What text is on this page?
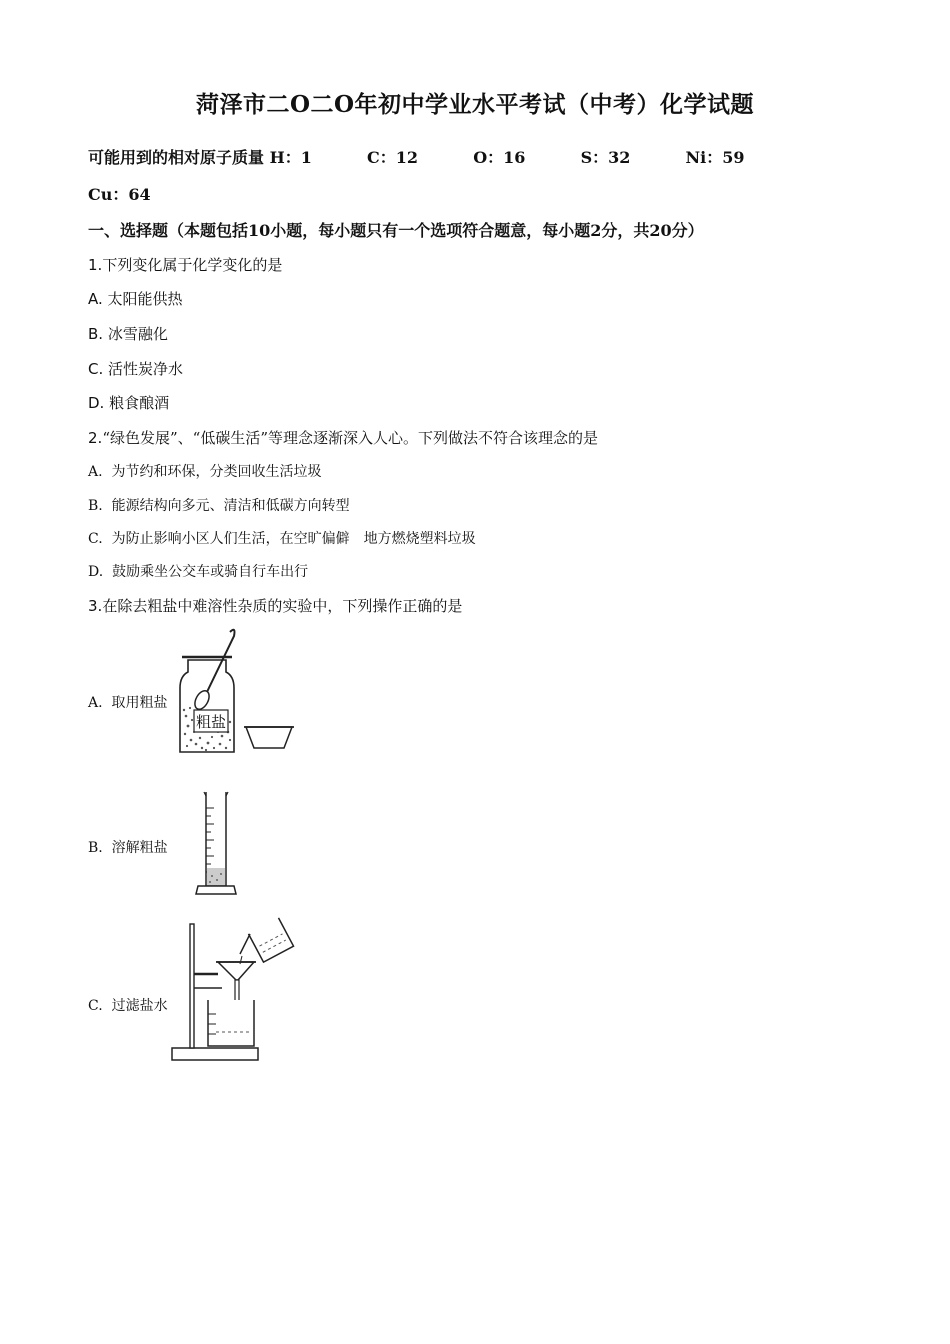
菏泽市二O二O年初中学业水平考试（中考）化学试题
可能用到的相对原子质量 H：1	C：12	O：16	S：32	Ni：59
Cu：64
一、选择题（本题包括10小题，每小题只有一个选项符合题意，每小题2分，共20分）
1.下列变化属于化学变化的是
A. 太阳能供热
B. 冰雪融化
C. 活性炭净水
D. 粮食酿酒
2.“绿色发展”、“低碳生活”等理念逐渐深入人心。下列做法不符合该理念的是
A. 为节约和环保，分类回收生活垃圾
B. 能源结构向多元、清洁和低碳方向转型
C. 为防止影响小区人们生活，在空旷偏僻　地方燃烧塑料垃圾
D. 鼓励乘坐公交车或骑自行车出行
3.在除去粗盐中难溶性杂质的实验中，下列操作正确的是
A. 取用粗盐
B. 溶解粗盐
C. 过滤盐水
粗盐
